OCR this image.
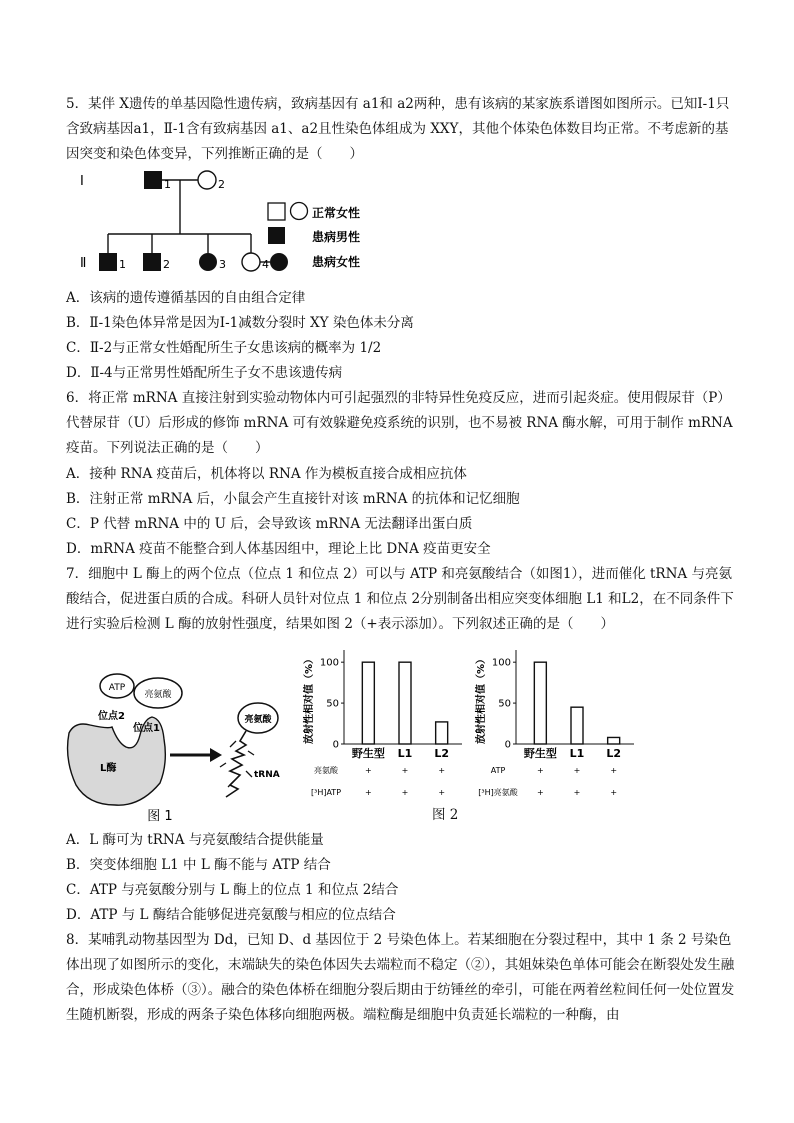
5．某伴 X遗传的单基因隐性遗传病，致病基因有 a1和 a2两种，患有该病的某家族系谱图如图所示。已知Ⅰ-1只含致病基因a1，Ⅱ-1含有致病基因 a1、a2且性染色体组成为 XXY，其他个体染色体数目均正常。不考虑新的基因突变和染色体变异，下列推断正确的是（　　）
Ⅰ
Ⅱ
1	2
1	2	3	4
正常女性
患病男性
患病女性
A．该病的遗传遵循基因的自由组合定律
B．Ⅱ-1染色体异常是因为Ⅰ-1减数分裂时 XY 染色体未分离
C．Ⅱ-2与正常女性婚配所生子女患该病的概率为 1/2
D．Ⅱ-4与正常男性婚配所生子女不患该遗传病
6．将正常 mRNA 直接注射到实验动物体内可引起强烈的非特异性免疫反应，进而引起炎症。使用假尿苷（P）代替尿苷（U）后形成的修饰 mRNA 可有效躲避免疫系统的识别，也不易被 RNA 酶水解，可用于制作 mRNA 疫苗。下列说法正确的是（　　）
A．接种 RNA 疫苗后，机体将以 RNA 作为模板直接合成相应抗体
B．注射正常 mRNA 后，小鼠会产生直接针对该 mRNA 的抗体和记忆细胞
C．P 代替 mRNA 中的 U 后，会导致该 mRNA 无法翻译出蛋白质
D．mRNA 疫苗不能整合到人体基因组中，理论上比 DNA 疫苗更安全
7．细胞中 L 酶上的两个位点（位点 1 和位点 2）可以与 ATP 和亮氨酸结合（如图1），进而催化 tRNA 与亮氨酸结合，促进蛋白质的合成。科研人员针对位点 1 和位点 2分别制备出相应突变体细胞 L1 和L2，在不同条件下进行实验后检测 L 酶的放射性强度，结果如图 2（+表示添加）。下列叙述正确的是（　　）
ATP
亮氨酸
位点2
位点1
L酶
亮氨酸
tRNA
图 1
放射性相对值（%）
0
50
100
野生型
+
+
L1
+
+
L2
+
+
亮氨酸
[³H]ATP
放射性相对值（%）
0
50
100
野生型
+
+
L1
+
+
L2
+
+
ATP
[³H]亮氨酸
图 2
A．L 酶可为 tRNA 与亮氨酸结合提供能量
B．突变体细胞 L1 中 L 酶不能与 ATP 结合
C．ATP 与亮氨酸分别与 L 酶上的位点 1 和位点 2结合
D．ATP 与 L 酶结合能够促进亮氨酸与相应的位点结合
8．某哺乳动物基因型为 Dd，已知 D、d 基因位于 2 号染色体上。若某细胞在分裂过程中，其中 1 条 2 号染色体出现了如图所示的变化，末端缺失的染色体因失去端粒而不稳定（②），其姐妹染色单体可能会在断裂处发生融合，形成染色体桥（③）。融合的染色体桥在细胞分裂后期由于纺锤丝的牵引，可能在两着丝粒间任何一处位置发生随机断裂，形成的两条子染色体移向细胞两极。端粒酶是细胞中负责延长端粒的一种酶，由
